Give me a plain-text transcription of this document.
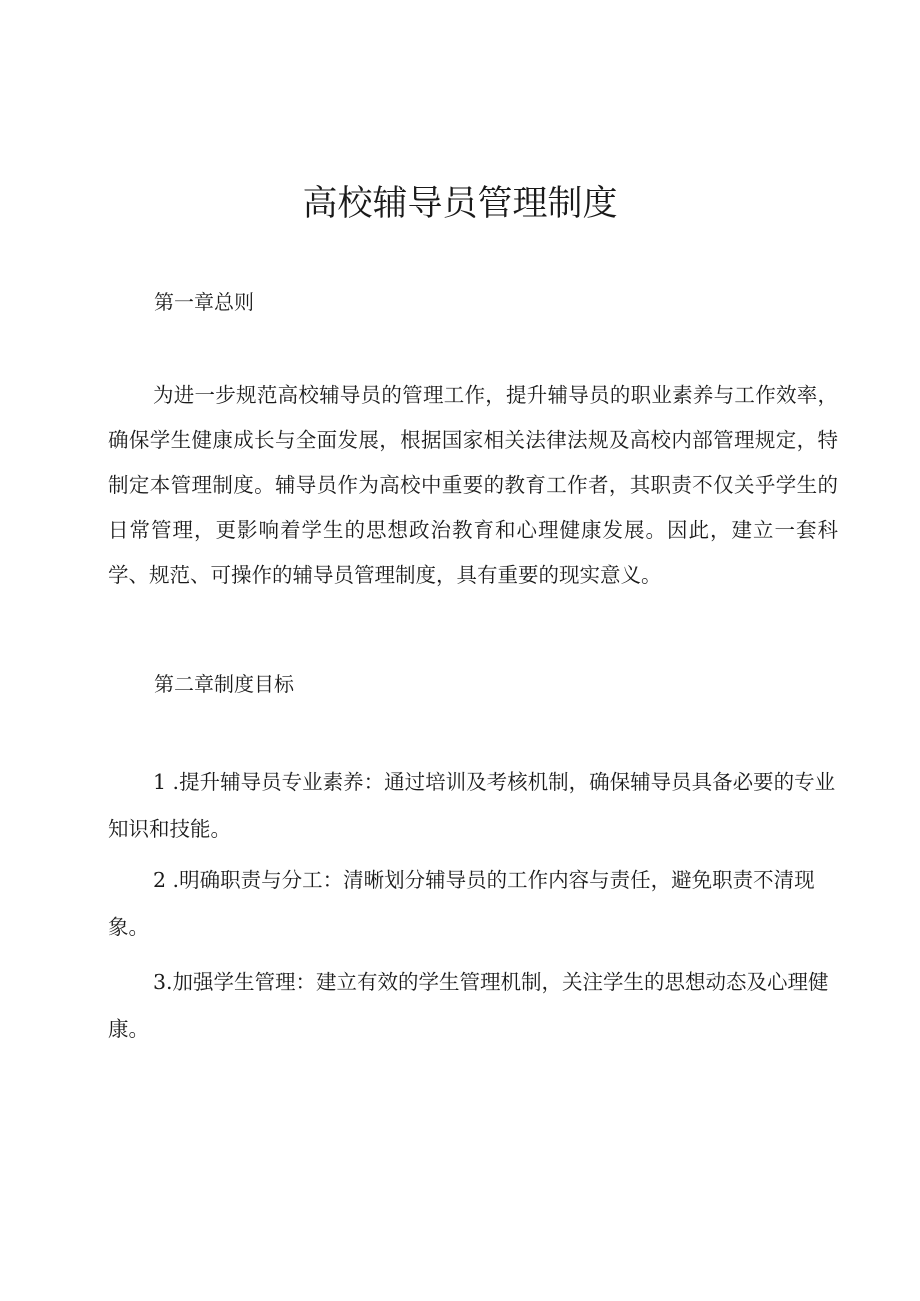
高校辅导员管理制度
第一章总则

为进一步规范高校辅导员的管理工作，提升辅导员的职业素养与工作效率，确保学生健康成长与全面发展，根据国家相关法律法规及高校内部管理规定，特制定本管理制度。辅导员作为高校中重要的教育工作者，其职责不仅关乎学生的日常管理，更影响着学生的思想政治教育和心理健康发展。因此，建立一套科学、规范、可操作的辅导员管理制度，具有重要的现实意义。

第二章制度目标

1 .提升辅导员专业素养：通过培训及考核机制，确保辅导员具备必要的专业知识和技能。

2 .明确职责与分工：清晰划分辅导员的工作内容与责任，避免职责不清现象。

3.加强学生管理：建立有效的学生管理机制，关注学生的思想动态及心理健康。
